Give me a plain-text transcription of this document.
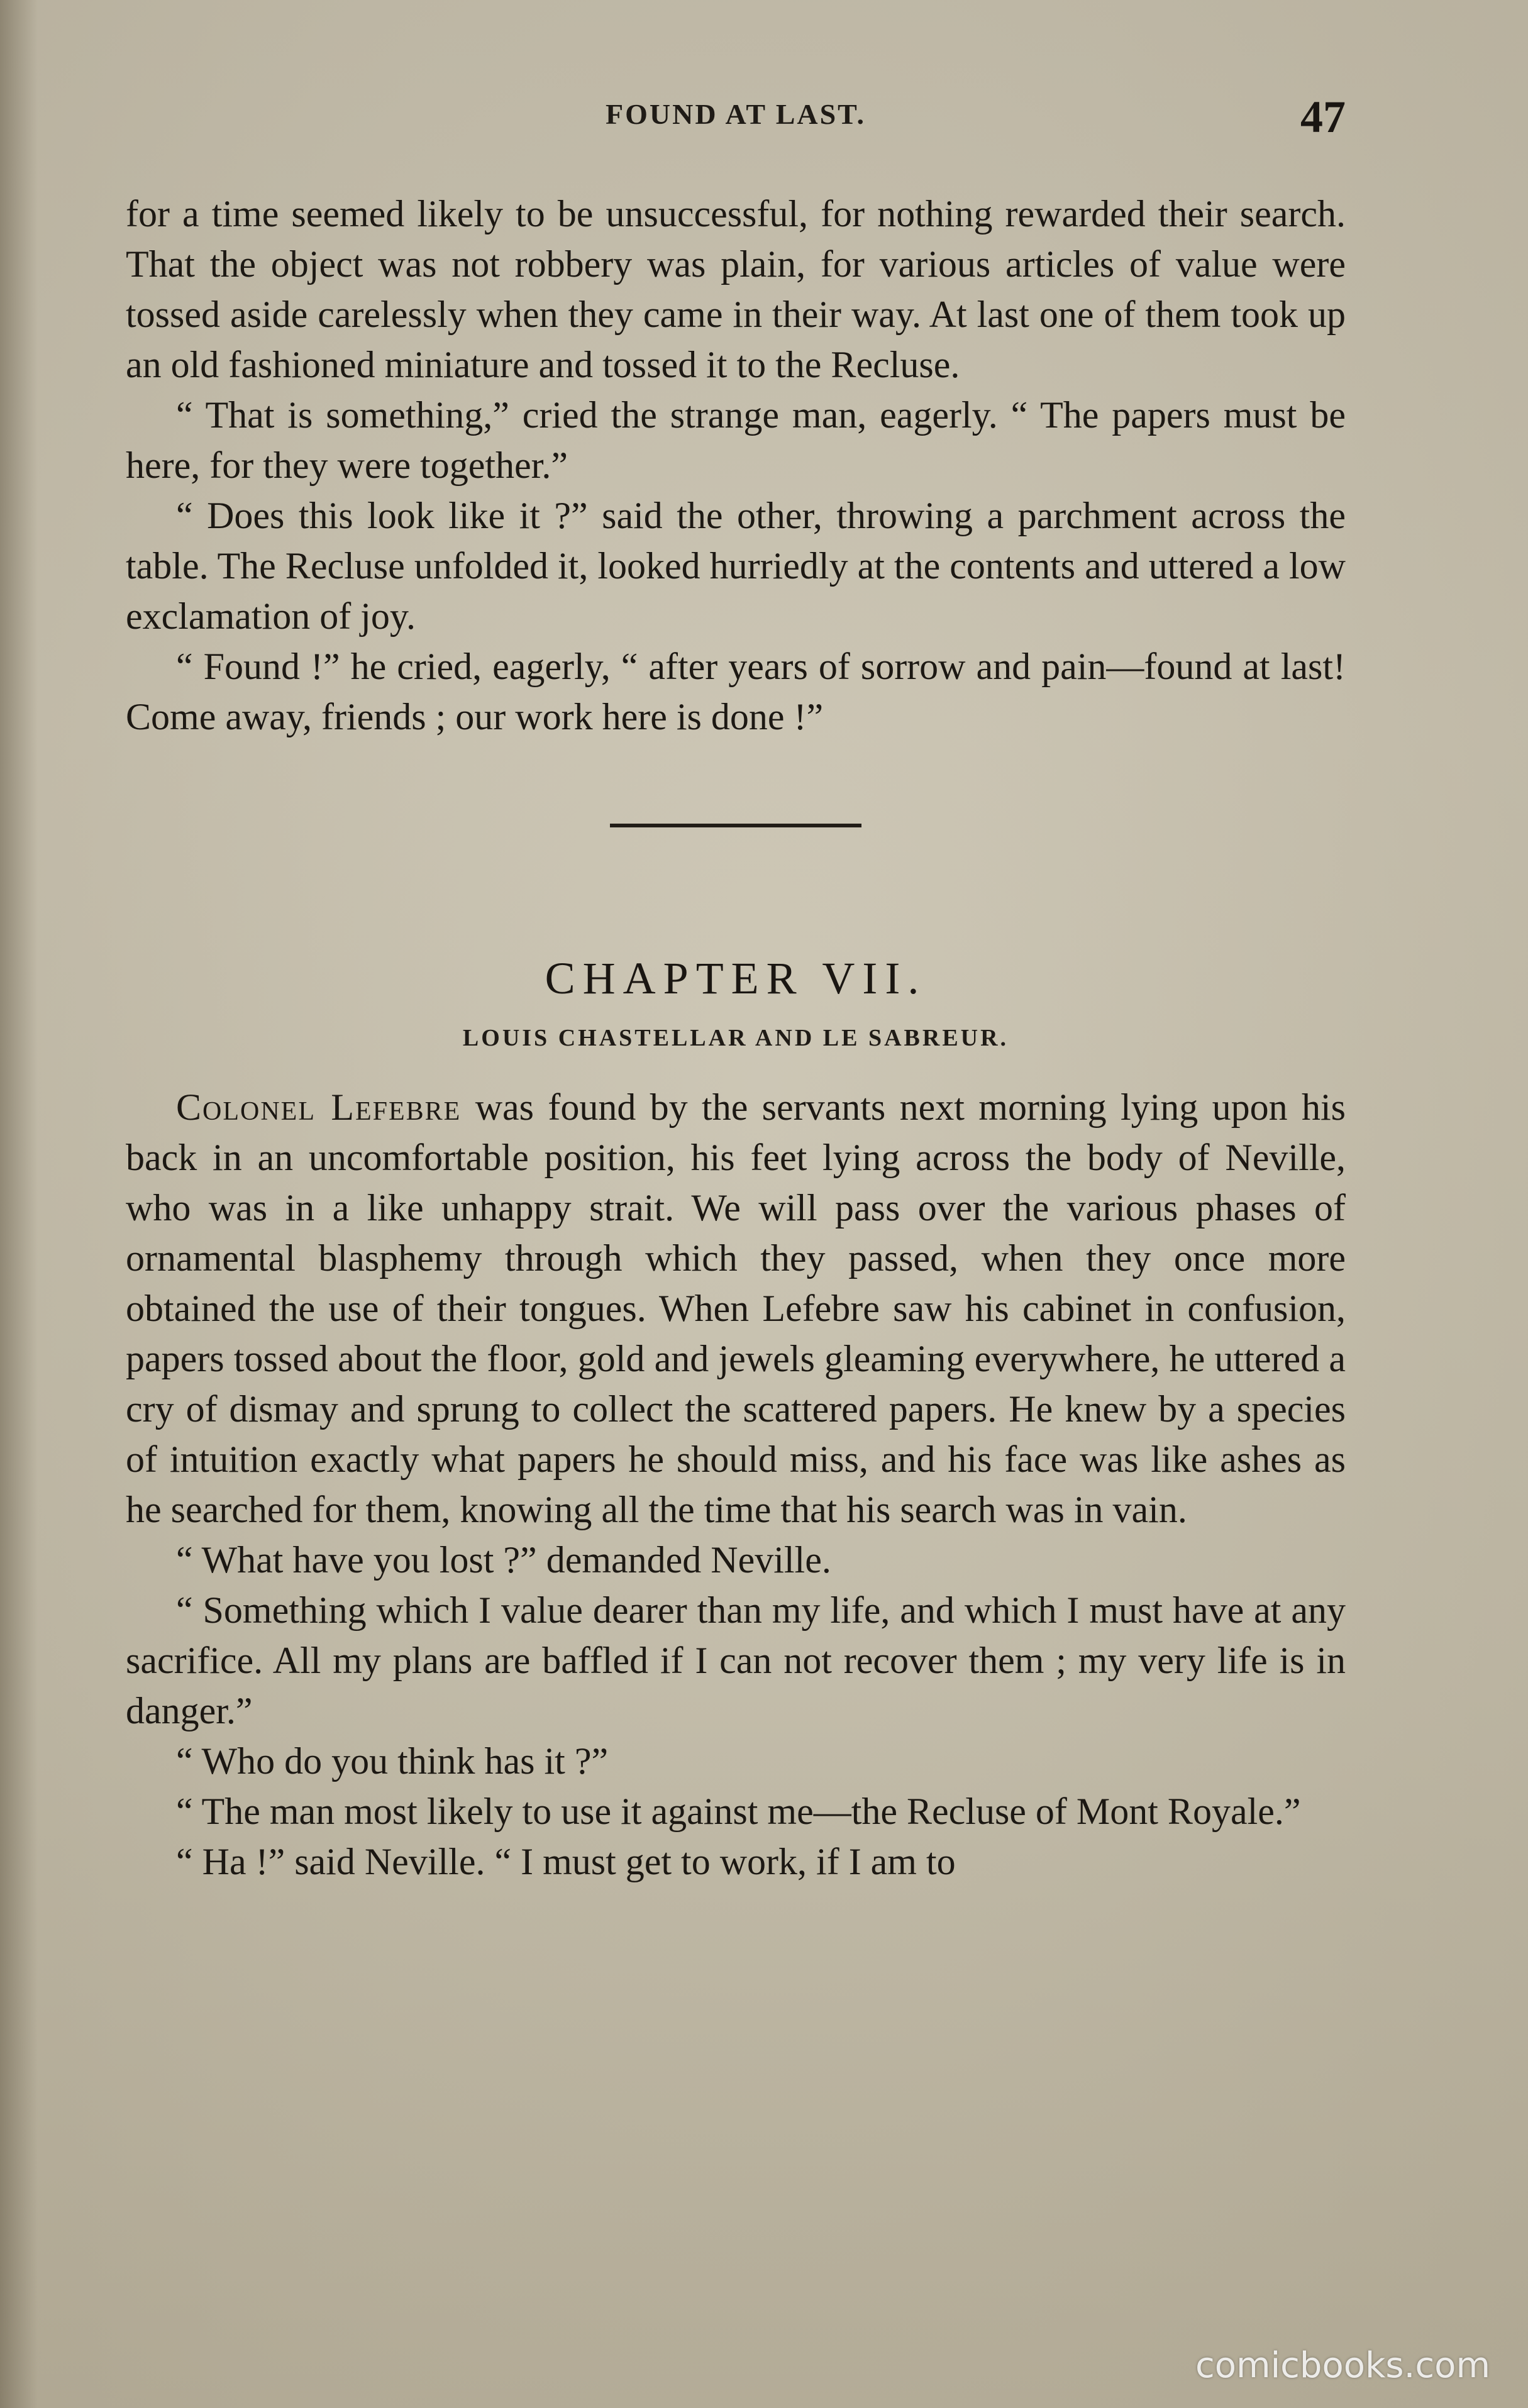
FOUND AT LAST.	47

for a time seemed likely to be unsuccessful, for nothing rewarded their search. That the object was not robbery was plain, for various articles of value were tossed aside carelessly when they came in their way. At last one of them took up an old fashioned miniature and tossed it to the Recluse.

“ That is something,” cried the strange man, eagerly. “ The papers must be here, for they were together.”

“ Does this look like it ?” said the other, throwing a parchment across the table. The Recluse unfolded it, looked hurriedly at the contents and uttered a low exclamation of joy.

“ Found !” he cried, eagerly, “ after years of sorrow and pain—found at last! Come away, friends ; our work here is done !”

CHAPTER VII.
LOUIS CHASTELLAR AND LE SABREUR.

Colonel Lefebre was found by the servants next morning lying upon his back in an uncomfortable position, his feet lying across the body of Neville, who was in a like unhappy strait. We will pass over the various phases of ornamental blasphemy through which they passed, when they once more obtained the use of their tongues. When Lefebre saw his cabinet in confusion, papers tossed about the floor, gold and jewels gleaming everywhere, he uttered a cry of dismay and sprung to collect the scattered papers. He knew by a species of intuition exactly what papers he should miss, and his face was like ashes as he searched for them, knowing all the time that his search was in vain.

“ What have you lost ?” demanded Neville.

“ Something which I value dearer than my life, and which I must have at any sacrifice. All my plans are baffled if I can not recover them ; my very life is in danger.”

“ Who do you think has it ?”

“ The man most likely to use it against me—the Recluse of Mont Royale.”

“ Ha !” said Neville. “ I must get to work, if I am to

comicbooks.com
